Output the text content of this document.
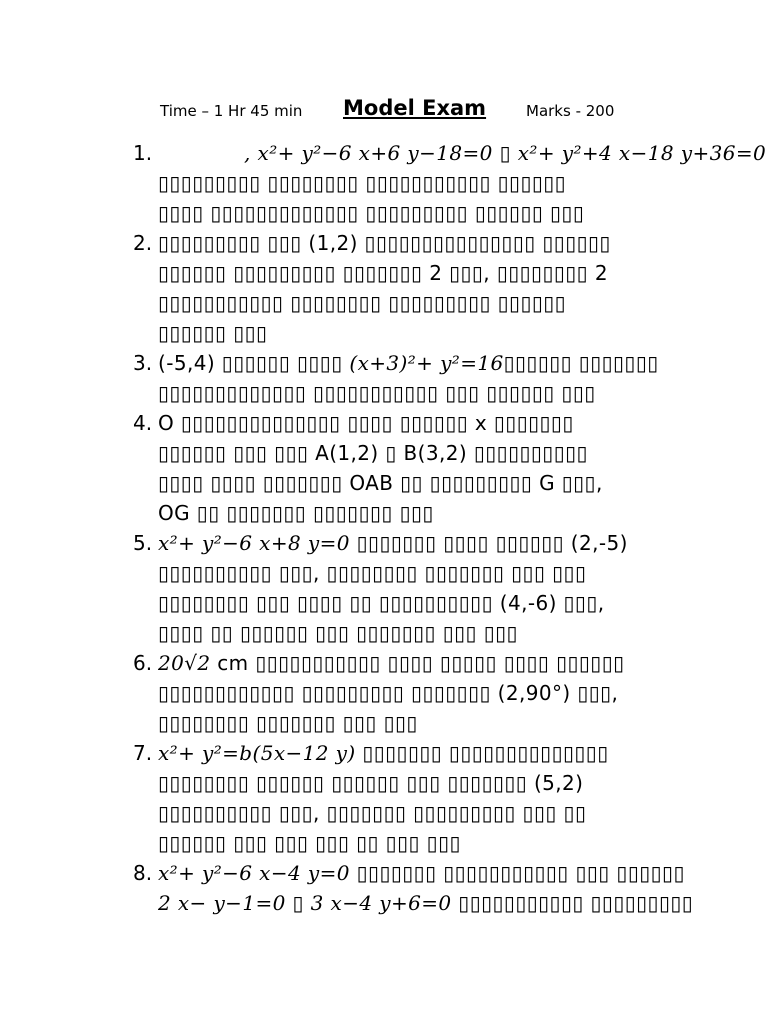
Time – 1 Hr 45 min Model Exam	Marks - 200
1.	, x²+ y²−6 x+6 y−18=0 ▯ x²+ y²+4 x−18 y+36=0
▯▯▯▯▯▯▯▯▯ ▯▯▯▯▯▯▯▯ ▯▯▯▯▯▯▯▯▯▯▯ ▯▯▯▯▯▯
▯▯▯▯ ▯▯▯▯▯▯▯▯▯▯▯▯▯ ▯▯▯▯▯▯▯▯▯ ▯▯▯▯▯▯ ▯▯▯
2. ▯▯▯▯▯▯▯▯▯ ▯▯▯ (1,2) ▯▯▯▯▯▯▯▯▯▯▯▯▯▯▯ ▯▯▯▯▯▯
▯▯▯▯▯▯ ▯▯▯▯▯▯▯▯▯ ▯▯▯▯▯▯▯ 2 ▯▯▯, ▯▯▯▯▯▯▯▯ 2
▯▯▯▯▯▯▯▯▯▯▯ ▯▯▯▯▯▯▯▯ ▯▯▯▯▯▯▯▯▯ ▯▯▯▯▯▯
▯▯▯▯▯▯ ▯▯▯
3. (-5,4) ▯▯▯▯▯▯ ▯▯▯▯ (x+3)²+ y²=16▯▯▯▯▯▯ ▯▯▯▯▯▯▯
▯▯▯▯▯▯▯▯▯▯▯▯▯ ▯▯▯▯▯▯▯▯▯▯▯ ▯▯▯ ▯▯▯▯▯▯ ▯▯▯
4. O ▯▯▯▯▯▯▯▯▯▯▯▯▯▯ ▯▯▯▯ ▯▯▯▯▯▯ x ▯▯▯▯▯▯▯
▯▯▯▯▯▯ ▯▯▯ ▯▯▯ A(1,2) ▯ B(3,2) ▯▯▯▯▯▯▯▯▯▯
▯▯▯▯ ▯▯▯▯ ▯▯▯▯▯▯▯ OAB ▯▯ ▯▯▯▯▯▯▯▯▯ G ▯▯▯,
OG ▯▯ ▯▯▯▯▯▯▯ ▯▯▯▯▯▯▯ ▯▯▯
5. x²+ y²−6 x+8 y=0 ▯▯▯▯▯▯▯ ▯▯▯▯ ▯▯▯▯▯▯ (2,-5)
▯▯▯▯▯▯▯▯▯▯ ▯▯▯, ▯▯▯▯▯▯▯▯ ▯▯▯▯▯▯▯ ▯▯▯ ▯▯▯
▯▯▯▯▯▯▯▯ ▯▯▯ ▯▯▯▯ ▯▯ ▯▯▯▯▯▯▯▯▯▯ (4,-6) ▯▯▯,
▯▯▯▯ ▯▯ ▯▯▯▯▯▯ ▯▯▯ ▯▯▯▯▯▯▯ ▯▯▯ ▯▯▯
6. 20√2 cm ▯▯▯▯▯▯▯▯▯▯▯ ▯▯▯▯ ▯▯▯▯▯ ▯▯▯▯ ▯▯▯▯▯▯
▯▯▯▯▯▯▯▯▯▯▯▯ ▯▯▯▯▯▯▯▯▯ ▯▯▯▯▯▯▯ (2,90°) ▯▯▯,
▯▯▯▯▯▯▯▯ ▯▯▯▯▯▯▯ ▯▯▯ ▯▯▯
7. x²+ y²=b(5x−12 y) ▯▯▯▯▯▯▯ ▯▯▯▯▯▯▯▯▯▯▯▯▯▯
▯▯▯▯▯▯▯▯ ▯▯▯▯▯▯ ▯▯▯▯▯▯ ▯▯▯ ▯▯▯▯▯▯▯ (5,2)
▯▯▯▯▯▯▯▯▯▯ ▯▯▯, ▯▯▯▯▯▯▯ ▯▯▯▯▯▯▯▯▯ ▯▯▯ ▯▯
▯▯▯▯▯▯ ▯▯▯ ▯▯▯ ▯▯▯ ▯▯ ▯▯▯ ▯▯▯
8. x²+ y²−6 x−4 y=0 ▯▯▯▯▯▯▯ ▯▯▯▯▯▯▯▯▯▯▯ ▯▯▯ ▯▯▯▯▯▯
2 x− y−1=0 ▯ 3 x−4 y+6=0 ▯▯▯▯▯▯▯▯▯▯▯ ▯▯▯▯▯▯▯▯▯
